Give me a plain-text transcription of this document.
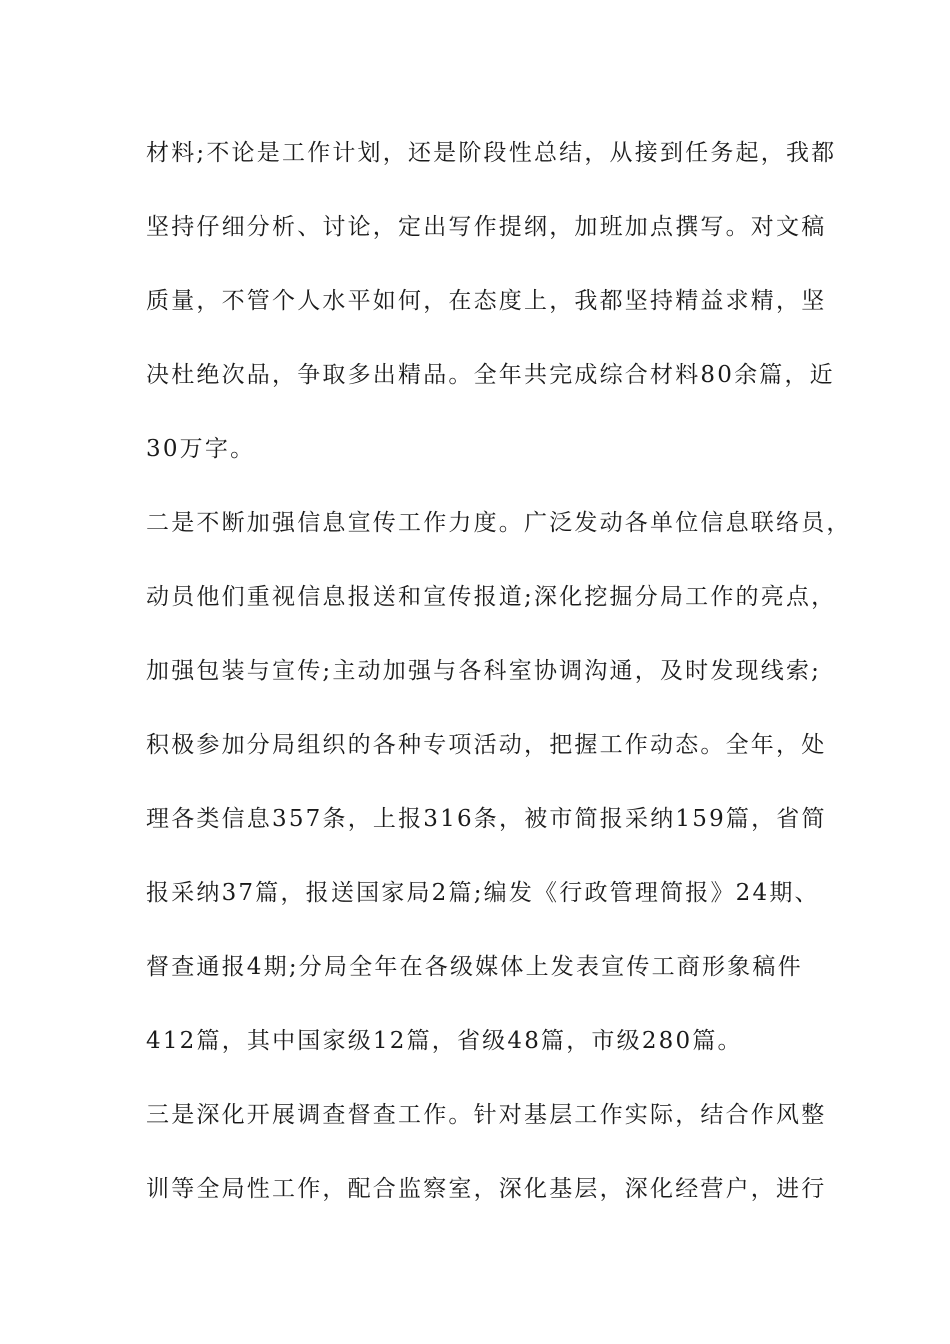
材料;不论是工作计划，还是阶段性总结，从接到任务起，我都
坚持仔细分析、讨论，定出写作提纲，加班加点撰写。对文稿
质量，不管个人水平如何，在态度上，我都坚持精益求精，坚
决杜绝次品，争取多出精品。全年共完成综合材料80余篇，近
30万字。
二是不断加强信息宣传工作力度。广泛发动各单位信息联络员，
动员他们重视信息报送和宣传报道;深化挖掘分局工作的亮点，
加强包装与宣传;主动加强与各科室协调沟通，及时发现线索;
积极参加分局组织的各种专项活动，把握工作动态。全年，处
理各类信息357条，上报316条，被市简报采纳159篇，省简
报采纳37篇，报送国家局2篇;编发《行政管理简报》24期、
督查通报4期;分局全年在各级媒体上发表宣传工商形象稿件
412篇，其中国家级12篇，省级48篇，市级280篇。
三是深化开展调查督查工作。针对基层工作实际，结合作风整
训等全局性工作，配合监察室，深化基层，深化经营户，进行
